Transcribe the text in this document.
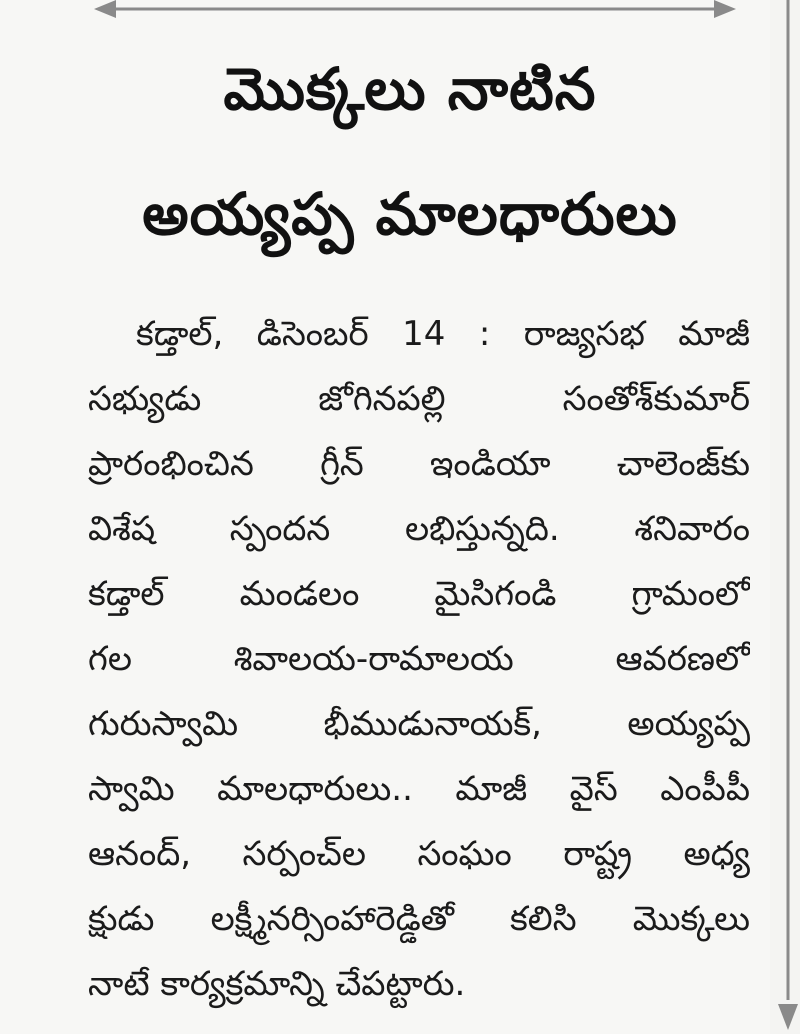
మొక్కలు నాటిన
అయ్యప్ప మాలధారులు
కడ్తాల్, డిసెంబర్ 14 : రాజ్యసభ మాజీ
సభ్యుడు జోగినపల్లి సంతోశ్‌కుమార్
ప్రారంభించిన గ్రీన్ ఇండియా చాలెంజ్‌కు
విశేష స్పందన లభిస్తున్నది. శనివారం
కడ్తాల్ మండలం మైసిగండి గ్రామంలో
గల శివాలయ-రామాలయ ఆవరణలో
గురుస్వామి భీముడునాయక్, అయ్యప్ప
స్వామి మాలధారులు.. మాజీ వైస్ ఎంపీపీ
ఆనంద్, సర్పంచ్‌ల సంఘం రాష్ట్ర అధ్య
క్షుడు లక్ష్మీనర్సింహారెడ్డితో కలిసి మొక్కలు
నాటే కార్యక్రమాన్ని చేపట్టారు.
